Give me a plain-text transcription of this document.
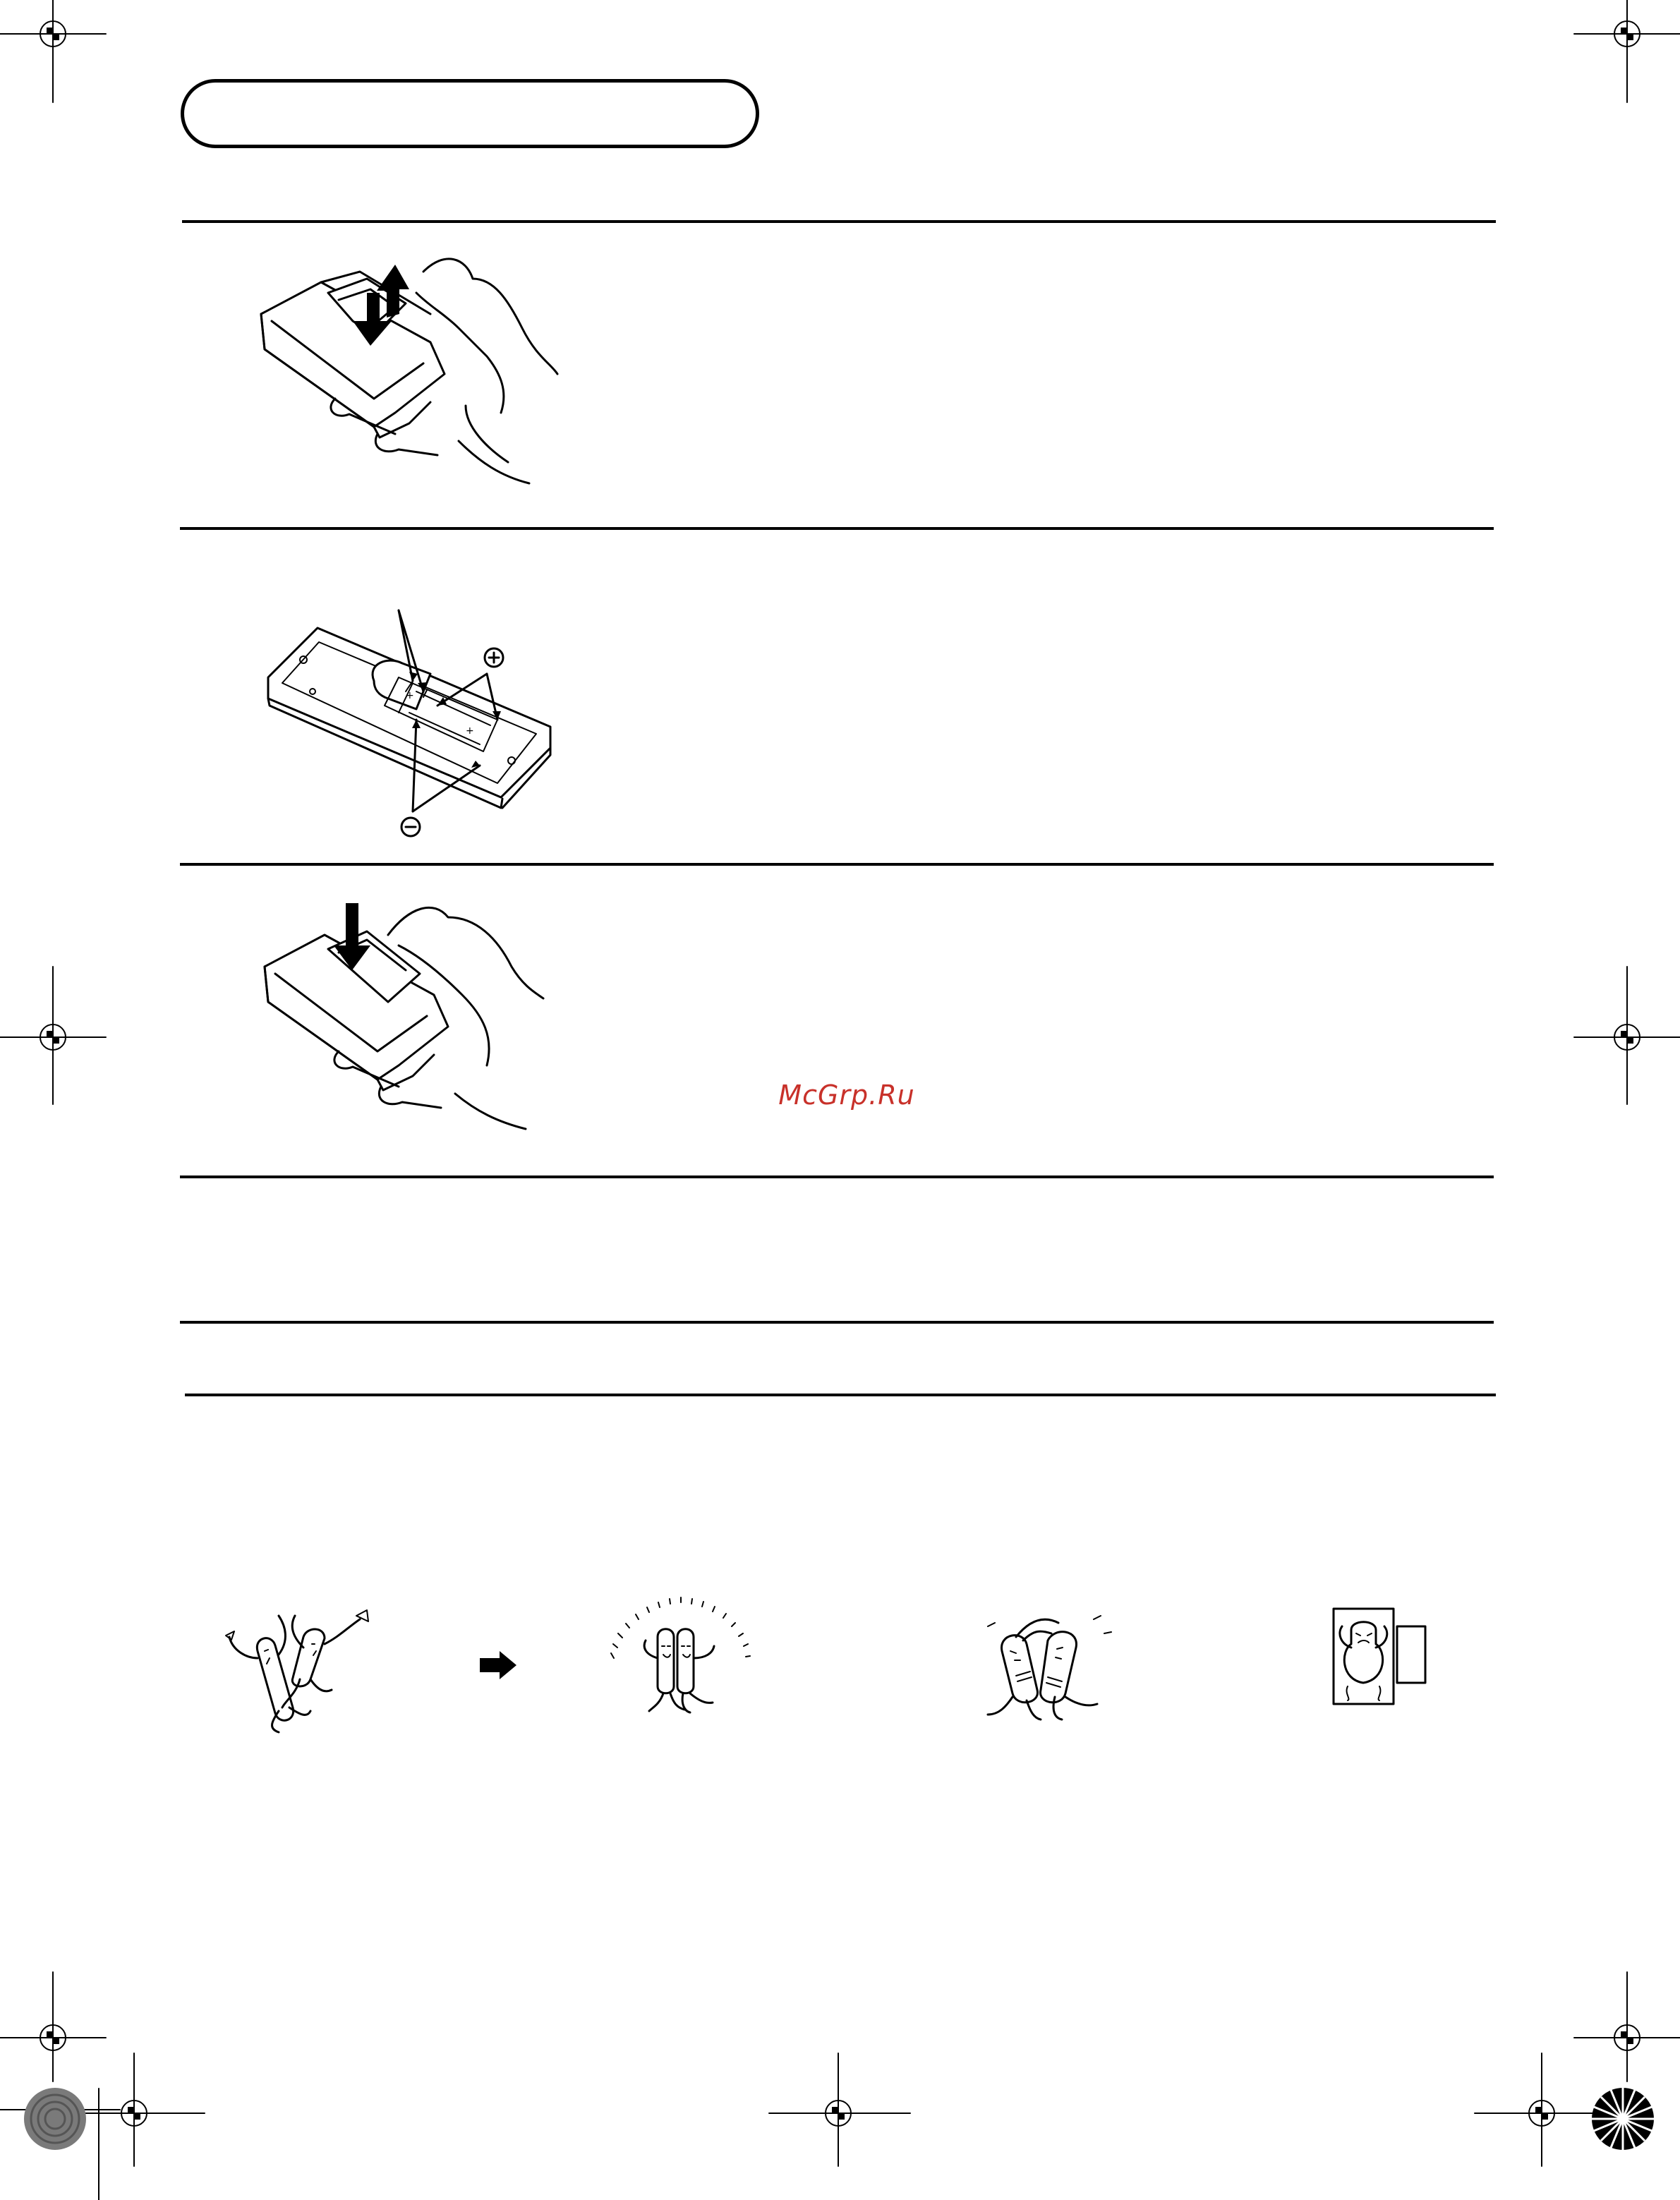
+
+
McGrp.Ru
